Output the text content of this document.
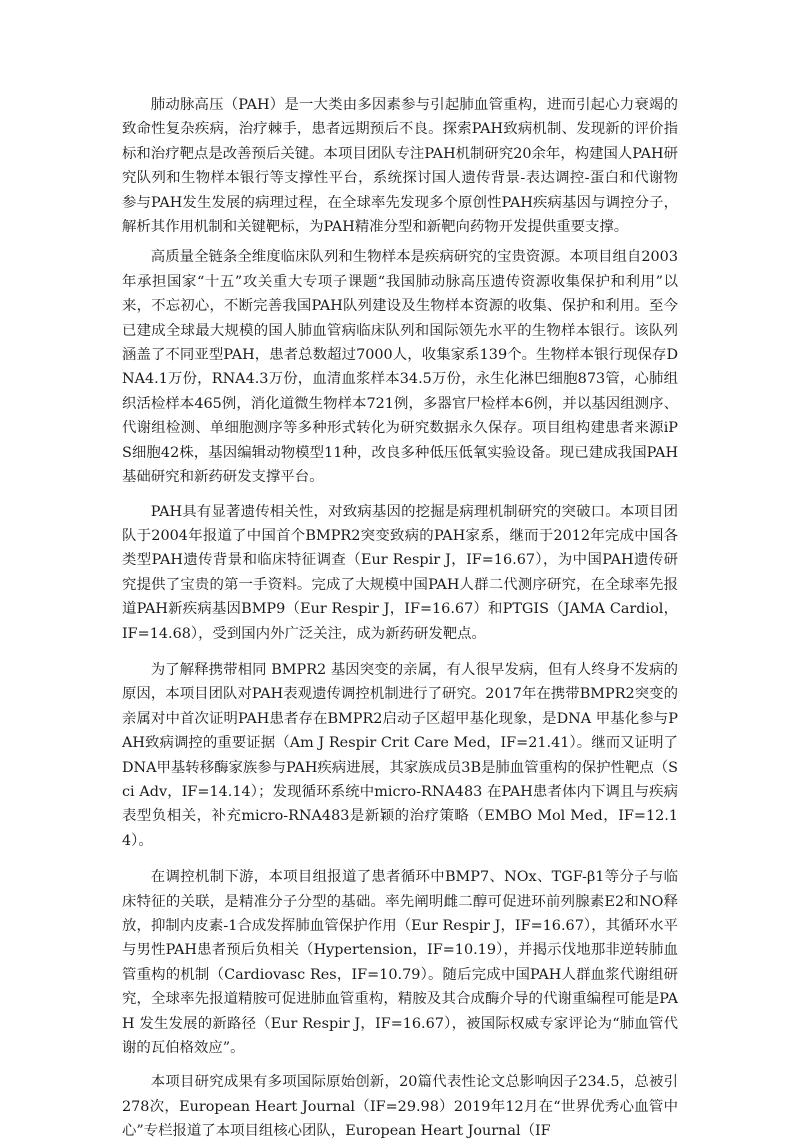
肺动脉高压（PAH）是一大类由多因素参与引起肺血管重构，进而引起心力衰竭的致命性复杂疾病，治疗棘手，患者远期预后不良。探索PAH致病机制、发现新的评价指标和治疗靶点是改善预后关键。本项目团队专注PAH机制研究20余年，构建国人PAH研究队列和生物样本银行等支撑性平台，系统探讨国人遗传背景-表达调控-蛋白和代谢物参与PAH发生发展的病理过程，在全球率先发现多个原创性PAH疾病基因与调控分子，解析其作用机制和关键靶标，为PAH精准分型和新靶向药物开发提供重要支撑。

高质量全链条全维度临床队列和生物样本是疾病研究的宝贵资源。本项目组自2003年承担国家“十五”攻关重大专项子课题“我国肺动脉高压遗传资源收集保护和利用”以来，不忘初心，不断完善我国PAH队列建设及生物样本资源的收集、保护和利用。至今已建成全球最大规模的国人肺血管病临床队列和国际领先水平的生物样本银行。该队列涵盖了不同亚型PAH，患者总数超过7000人，收集家系139个。生物样本银行现保存DNA4.1万份，RNA4.3万份，血清血浆样本34.5万份，永生化淋巴细胞873管，心肺组织活检样本465例，消化道微生物样本721例，多器官尸检样本6例，并以基因组测序、代谢组检测、单细胞测序等多种形式转化为研究数据永久保存。项目组构建患者来源iPS细胞42株，基因编辑动物模型11种，改良多种低压低氧实验设备。现已建成我国PAH基础研究和新药研发支撑平台。

PAH具有显著遗传相关性，对致病基因的挖掘是病理机制研究的突破口。本项目团队于2004年报道了中国首个BMPR2突变致病的PAH家系，继而于2012年完成中国各类型PAH遗传背景和临床特征调查（Eur Respir J，IF=16.67），为中国PAH遗传研究提供了宝贵的第一手资料。完成了大规模中国PAH人群二代测序研究，在全球率先报道PAH新疾病基因BMP9（Eur Respir J，IF=16.67）和PTGIS（JAMA Cardiol，IF=14.68），受到国内外广泛关注，成为新药研发靶点。

为了解释携带相同 BMPR2 基因突变的亲属，有人很早发病，但有人终身不发病的原因，本项目团队对PAH表观遗传调控机制进行了研究。2017年在携带BMPR2突变的亲属对中首次证明PAH患者存在BMPR2启动子区超甲基化现象，是DNA 甲基化参与PAH致病调控的重要证据（Am J Respir Crit Care Med，IF=21.41）。继而又证明了DNA甲基转移酶家族参与PAH疾病进展，其家族成员3B是肺血管重构的保护性靶点（Sci Adv，IF=14.14）；发现循环系统中micro-RNA483 在PAH患者体内下调且与疾病表型负相关，补充micro-RNA483是新颖的治疗策略（EMBO Mol Med，IF=12.14）。

在调控机制下游，本项目组报道了患者循环中BMP7、NOx、TGF-β1等分子与临床特征的关联，是精准分子分型的基础。率先阐明雌二醇可促进环前列腺素E2和NO释放，抑制内皮素-1合成发挥肺血管保护作用（Eur Respir J，IF=16.67），其循环水平与男性PAH患者预后负相关（Hypertension，IF=10.19），并揭示伐地那非逆转肺血管重构的机制（Cardiovasc Res，IF=10.79）。随后完成中国PAH人群血浆代谢组研究，全球率先报道精胺可促进肺血管重构，精胺及其合成酶介导的代谢重编程可能是PAH 发生发展的新路径（Eur Respir J，IF=16.67），被国际权威专家评论为“肺血管代谢的瓦伯格效应”。

本项目研究成果有多项国际原始创新，20篇代表性论文总影响因子234.5，总被引278次，European Heart Journal（IF=29.98）2019年12月在“世界优秀心血管中心”专栏报道了本项目组核心团队，European Heart Journal（IF
